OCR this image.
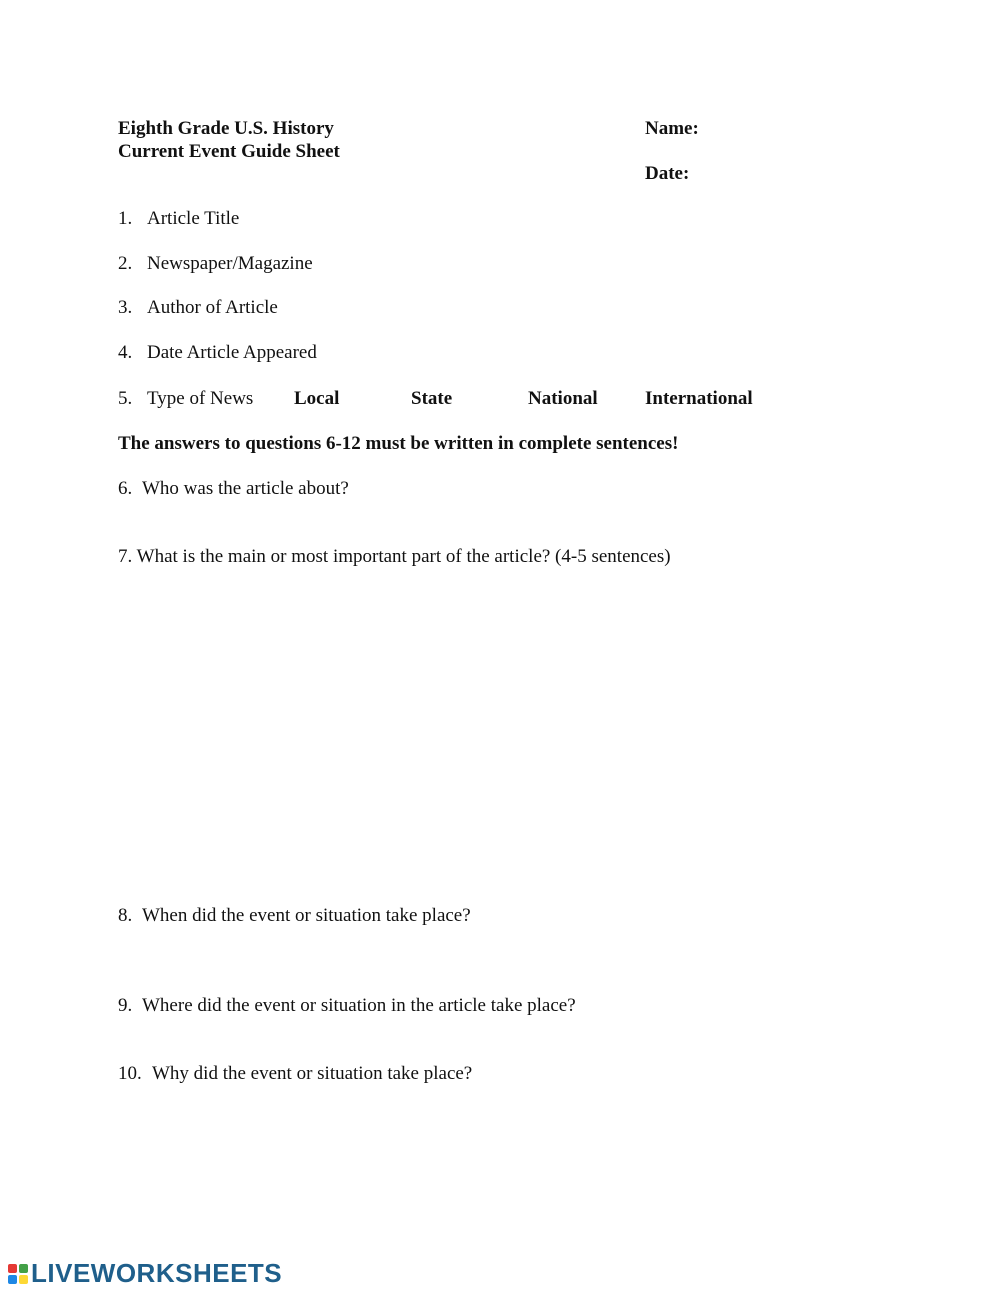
Eighth Grade U.S. History
Current Event Guide Sheet
Name:
Date:
1. Article Title
2. Newspaper/Magazine
3. Author of Article
4. Date Article Appeared
5. Type of News Local	State	National International
The answers to questions 6-12 must be written in complete sentences!
6. Who was the article about?
7. What is the main or most important part of the article? (4-5 sentences)
8. When did the event or situation take place?
9. Where did the event or situation in the article take place?
10. Why did the event or situation take place?
LIVEWORKSHEETS
